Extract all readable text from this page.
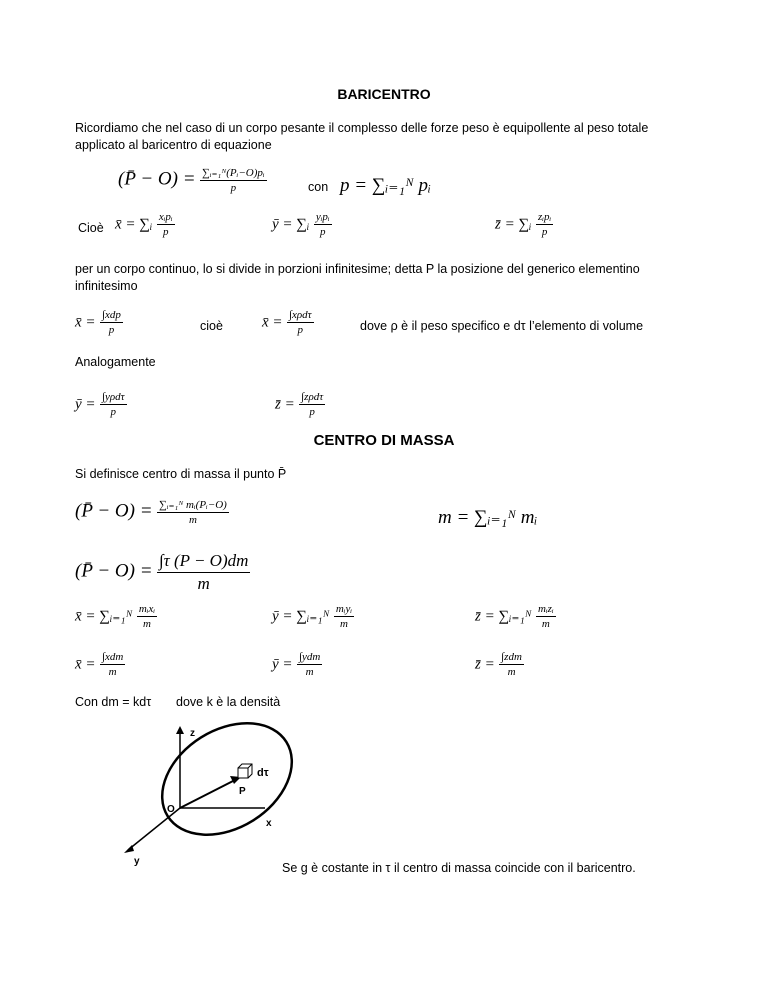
BARICENTRO
Ricordiamo che nel caso di un corpo pesante il complesso delle forze peso è equipollente al peso totale applicato al baricentro di equazione
(P̄ − $O) = \frac{\text{∑ᵢ₌₁ᴺ(Pᵢ−O)pᵢ}}{p}$	con p = ∑ᵢ₌₁ᴺ pᵢ
Cioè x̄ = ∑ᵢ $\frac{\text{xᵢpᵢ}}{p}$	ȳ = ∑ᵢ $\frac{\text{yᵢpᵢ}}{p}$	z̄ = ∑ᵢ $\frac{\text{zᵢpᵢ}}{p}$
per un corpo continuo, lo si divide in porzioni infinitesime; detta P la posizione del generico elementino infinitesimo
x̄ = $\frac{\text{∫xdp}}{p}$	cioè	x̄ = $\frac{\text{∫xρdτ}}{p}$	dove ρ è il peso specifico e dτ l’elemento di volume
Analogamente
ȳ = $\frac{\text{∫yρdτ}}{p}$	z̄ = $\frac{\text{∫zρdτ}}{p}$
CENTRO DI MASSA
Si definisce centro di massa il punto P̄
(P̄ − $O) = \frac{\text{∑ᵢ₌₁ᴺ mᵢ(Pᵢ−O)}}{m}$	m = ∑ᵢ₌₁ᴺ mᵢ
(P̄ − $O) = \frac{\int\tau (P - O)dm}{m}$
x̄ = ∑ᵢ₌₁ᴺ $\frac{\text{mᵢxᵢ}}{m}$	ȳ = ∑ᵢ₌₁ᴺ $\frac{\text{mᵢyᵢ}}{m}$	z̄ = ∑ᵢ₌₁ᴺ $\frac{\text{mᵢzᵢ}}{m}$
x̄ = $\frac{\text{∫xdm}}{m}$	ȳ = $\frac{\text{∫ydm}}{m}$	z̄ = $\frac{\text{∫zdm}}{m}$
Con dm = kdτ dove k è la densità
z
x
y
O
P
dτ
Se g è costante in τ il centro di massa coincide con il baricentro.
